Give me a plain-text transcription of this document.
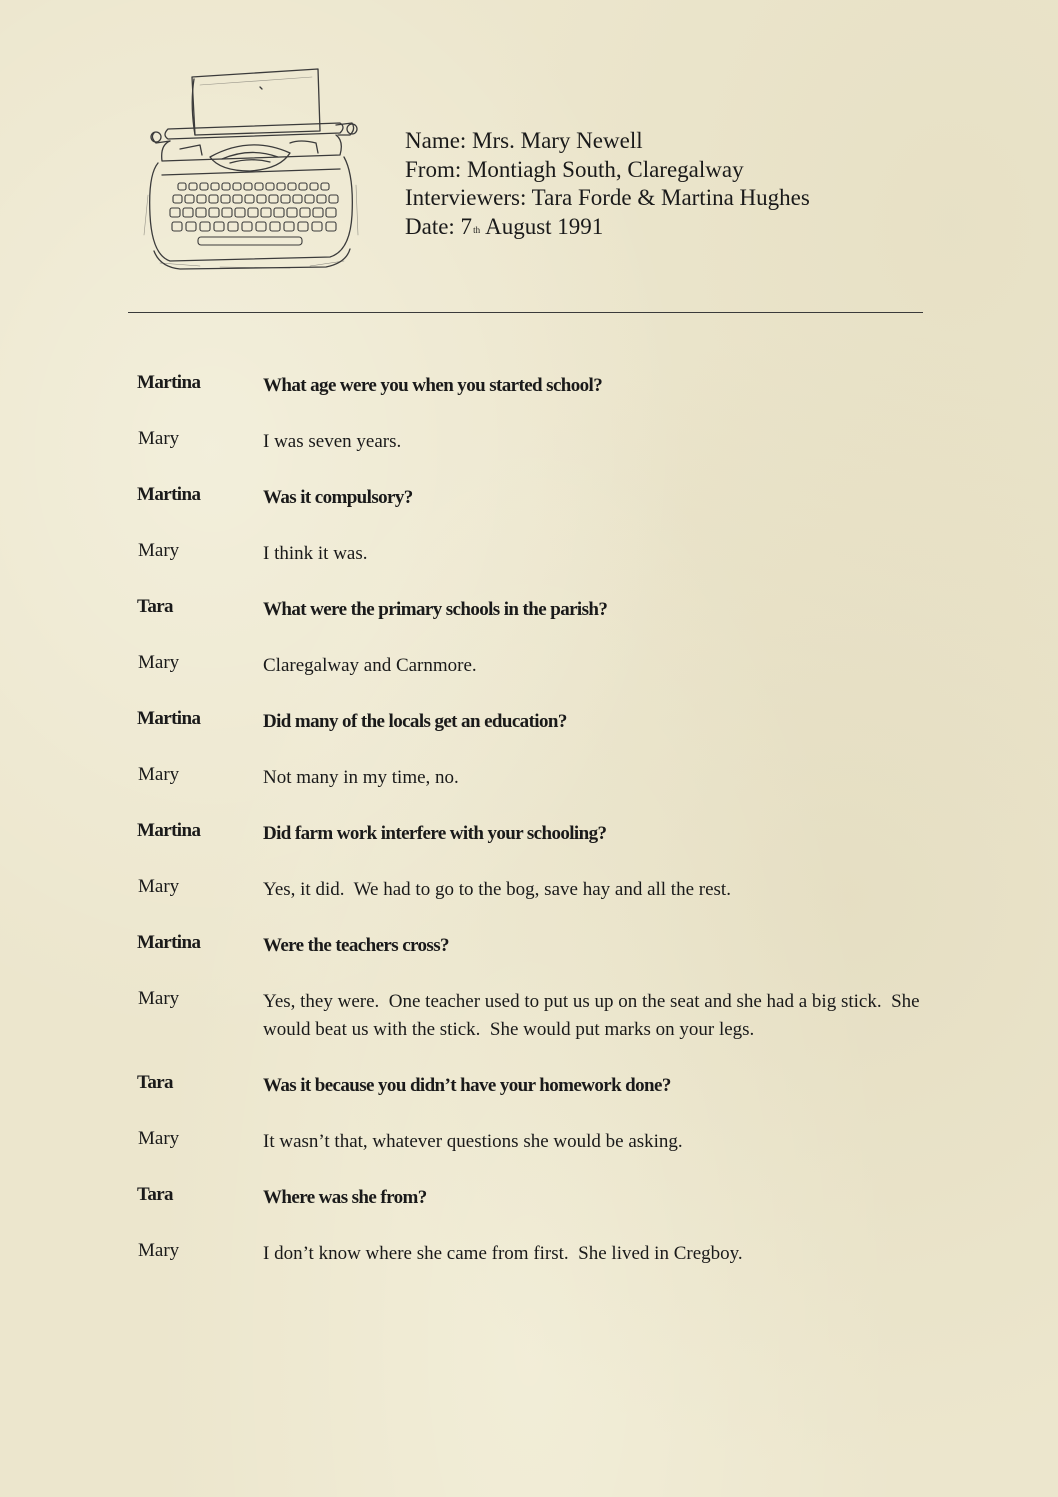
Name: Mrs. Mary Newell
From: Montiagh South, Claregalway
Interviewers: Tara Forde & Martina Hughes
Date: 7th August 1991
Martina	What age were you when you started school?
Mary	I was seven years.
Martina	Was it compulsory?
Mary	I think it was.
Tara	What were the primary schools in the parish?
Mary	Claregalway and Carnmore.
Martina	Did many of the locals get an education?
Mary	Not many in my time, no.
Martina	Did farm work interfere with your schooling?
Mary	Yes, it did.  We had to go to the bog, save hay and all the rest.
Martina	Were the teachers cross?
Mary	Yes, they were.  One teacher used to put us up on the seat and she had a big stick.  She would beat us with the stick.  She would put marks on your legs.
Tara	Was it because you didn’t have your homework done?
Mary	It wasn’t that, whatever questions she would be asking.
Tara	Where was she from?
Mary	I don’t know where she came from first.  She lived in Cregboy.
